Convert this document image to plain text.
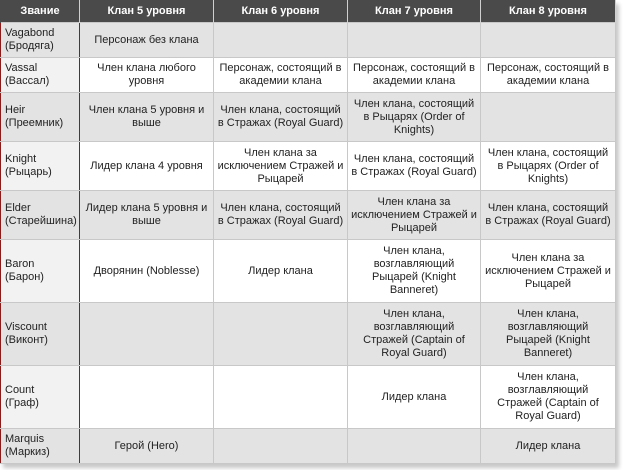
Звание	Клан 5 уровня	Клан 6 уровня	Клан 7 уровня	Клан 8 уровня

Vagabond
(Бродяга)	Персонаж без клана			

Vassal
(Вассал)	Член клана любого уровня	Персонаж, состоящий в академии клана	Персонаж, состоящий в академии клана	Персонаж, состоящий в академии клана

Heir
(Преемник)	Член клана 5 уровня и выше	Член клана, состоящий в Стражах (Royal Guard)	Член клана, состоящий в Рыцарях (Order of Knights)	

Knight
(Рыцарь)	Лидер клана 4 уровня	Член клана за исключением Стражей и Рыцарей	Член клана, состоящий в Стражах (Royal Guard)	Член клана, состоящий в Рыцарях (Order of Knights)

Elder
(Старейшина)	Лидер клана 5 уровня и выше	Член клана, состоящий в Стражах (Royal Guard)	Член клана за исключением Стражей и Рыцарей	Член клана, состоящий в Стражах (Royal Guard)

Baron
(Барон)	Дворянин (Noblesse)	Лидер клана	Член клана, возглавляющий Рыцарей (Knight Banneret)	Член клана за исключением Стражей и Рыцарей

Viscount
(Виконт)			Член клана, возглавляющий Стражей (Captain of Royal Guard)	Член клана, возглавляющий Рыцарей (Knight Banneret)

Count
(Граф)			Лидер клана	Член клана, возглавляющий Стражей (Captain of Royal Guard)

Marquis
(Маркиз)	Герой (Hero)			Лидер клана
